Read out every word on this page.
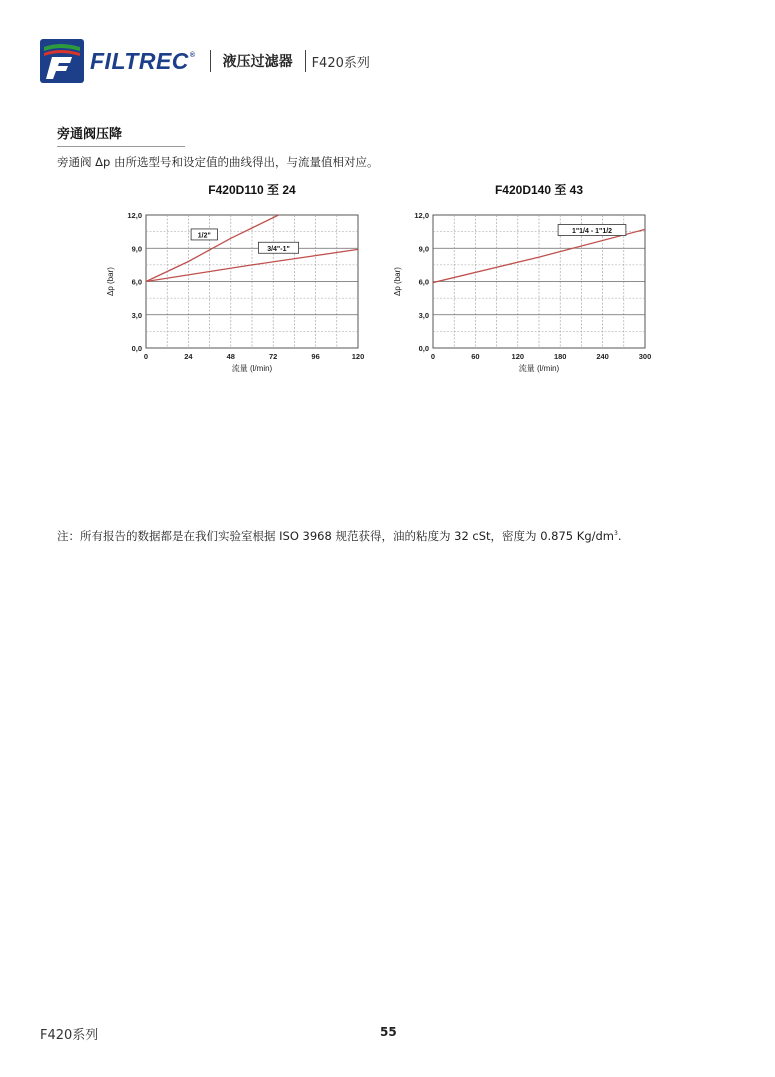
FILTREC® 液压过滤器 F420系列
旁通阀压降
旁通阀 Δp 由所选型号和设定值的曲线得出，与流量值相对应。
F420D110 至 24
0,0
3,0
6,0
9,0
12,0
0	24	48	72	96	120
流量 (l/min)
Δp (bar)
1/2"
3/4"-1"
F420D140 至 43
0,0
3,0
6,0
9,0
12,0
0	60	120	180	240	300
流量 (l/min)
Δp (bar)
1"1/4 - 1"1/2
注：所有报告的数据都是在我们实验室根据 ISO 3968 规范获得，油的粘度为 32 cSt，密度为 0.875 $Kg/dm^3$.
F420系列	55
